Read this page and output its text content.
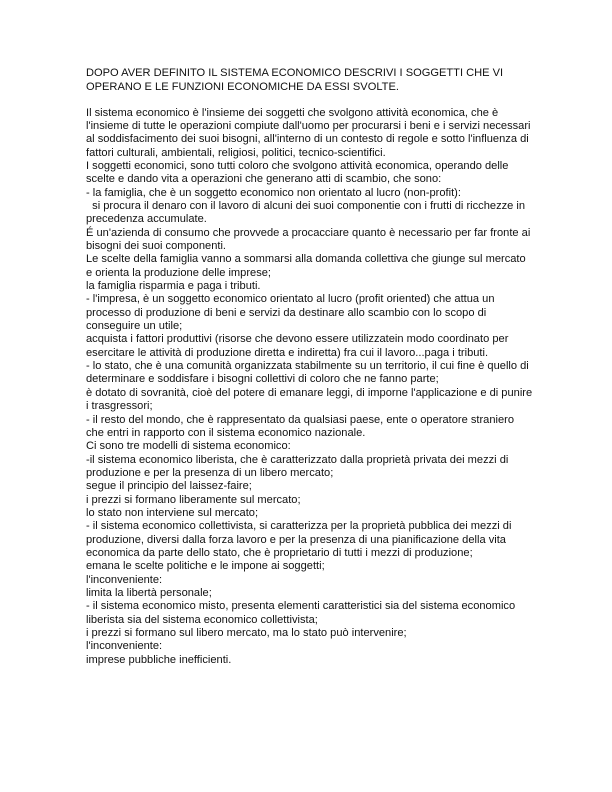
DOPO AVER DEFINITO IL SISTEMA ECONOMICO DESCRIVI I SOGGETTI CHE VI
OPERANO E LE FUNZIONI ECONOMICHE DA ESSI SVOLTE.
Il sistema economico è l'insieme dei soggetti che svolgono attività economica, che è
l'insieme di tutte le operazioni compiute dall'uomo per procurarsi i beni e i servizi necessari
al soddisfacimento dei suoi bisogni, all'interno di un contesto di regole e sotto l'influenza di
fattori culturali, ambientali, religiosi, politici, tecnico-scientifici.
I soggetti economici, sono tutti coloro che svolgono attività economica, operando delle
scelte e dando vita a operazioni che generano atti di scambio, che sono:
- la famiglia, che è un soggetto economico non orientato al lucro (non-profit):
si procura il denaro con il lavoro di alcuni dei suoi componentie con i frutti di ricchezze in
precedenza accumulate.
É un'azienda di consumo che provvede a procacciare quanto è necessario per far fronte ai
bisogni dei suoi componenti.
Le scelte della famiglia vanno a sommarsi alla domanda collettiva che giunge sul mercato
e orienta la produzione delle imprese;
la famiglia risparmia e paga i tributi.
- l'impresa, è un soggetto economico orientato al lucro (profit oriented) che attua un
processo di produzione di beni e servizi da destinare allo scambio con lo scopo di
conseguire un utile;
acquista i fattori produttivi (risorse che devono essere utilizzatein modo coordinato per
esercitare le attività di produzione diretta e indiretta) fra cui il lavoro...paga i tributi.
- lo stato, che è una comunità organizzata stabilmente su un territorio, il cui fine è quello di
determinare e soddisfare i bisogni collettivi di coloro che ne fanno parte;
è dotato di sovranità, cioè del potere di emanare leggi, di imporne l'applicazione e di punire
i trasgressori;
- il resto del mondo, che è rappresentato da qualsiasi paese, ente o operatore straniero
che entri in rapporto con il sistema economico nazionale.
Ci sono tre modelli di sistema economico:
-il sistema economico liberista, che è caratterizzato dalla proprietà privata dei mezzi di
produzione e per la presenza di un libero mercato;
segue il principio del laissez-faire;
i prezzi si formano liberamente sul mercato;
lo stato non interviene sul mercato;
- il sistema economico collettivista, si caratterizza per la proprietà pubblica dei mezzi di
produzione, diversi dalla forza lavoro e per la presenza di una pianificazione della vita
economica da parte dello stato, che è proprietario di tutti i mezzi di produzione;
emana le scelte politiche e le impone ai soggetti;
l'inconveniente:
limita la libertà personale;
- il sistema economico misto, presenta elementi caratteristici sia del sistema economico
liberista sia del sistema economico collettivista;
i prezzi si formano sul libero mercato, ma lo stato può intervenire;
l'inconveniente:
imprese pubbliche inefficienti.
